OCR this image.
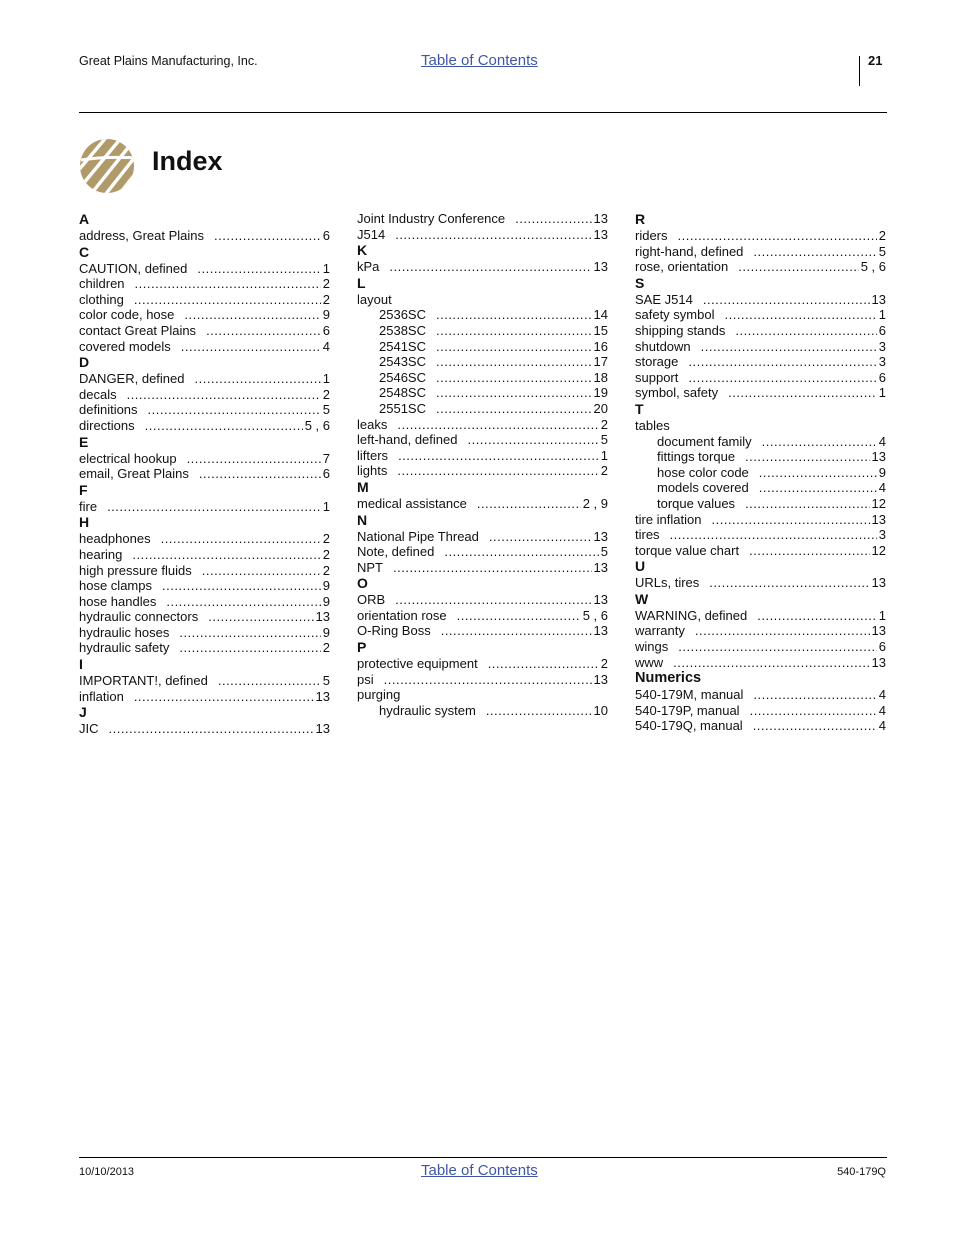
Great Plains Manufacturing, Inc.	Table of Contents	21
Index
A
address, Great Plains .....	6
C
CAUTION, defined .....	1
children .....	2
clothing .....	2
color code, hose .....	9
contact Great Plains .....	6
covered models .....	4
D
DANGER, defined .....	1
decals .....	2
definitions .....	5
directions .....	5 , 6
E
electrical hookup .....	7
email, Great Plains .....	6
F
fire .....	1
H
headphones .....	2
hearing .....	2
high pressure fluids .....	2
hose clamps .....	9
hose handles .....	9
hydraulic connectors .....	13
hydraulic hoses .....	9
hydraulic safety .....	2
I
IMPORTANT!, defined .....	5
inflation .....	13
J
JIC .....	13
Joint Industry Conference .....	13
J514 .....	13
K
kPa .....	13
L
layout
2536SC .....	14
2538SC .....	15
2541SC .....	16
2543SC .....	17
2546SC .....	18
2548SC .....	19
2551SC .....	20
leaks .....	2
left-hand, defined .....	5
lifters .....	1
lights .....	2
M
medical assistance .....	2 , 9
N
National Pipe Thread .....	13
Note, defined .....	5
NPT .....	13
O
ORB .....	13
orientation rose .....	5 , 6
O-Ring Boss .....	13
P
protective equipment .....	2
psi .....	13
purging
hydraulic system .....	10
R
riders .....	2
right-hand, defined .....	5
rose, orientation .....	5 , 6
S
SAE J514 .....	13
safety symbol .....	1
shipping stands .....	6
shutdown .....	3
storage .....	3
support .....	6
symbol, safety .....	1
T
tables
document family .....	4
fittings torque .....	13
hose color code .....	9
models covered .....	4
torque values .....	12
tire inflation .....	13
tires .....	3
torque value chart .....	12
U
URLs, tires .....	13
W
WARNING, defined .....	1
warranty .....	13
wings .....	6
www .....	13
Numerics
540-179M, manual .....	4
540-179P, manual .....	4
540-179Q, manual .....	4
10/10/2013	Table of Contents	540-179Q
